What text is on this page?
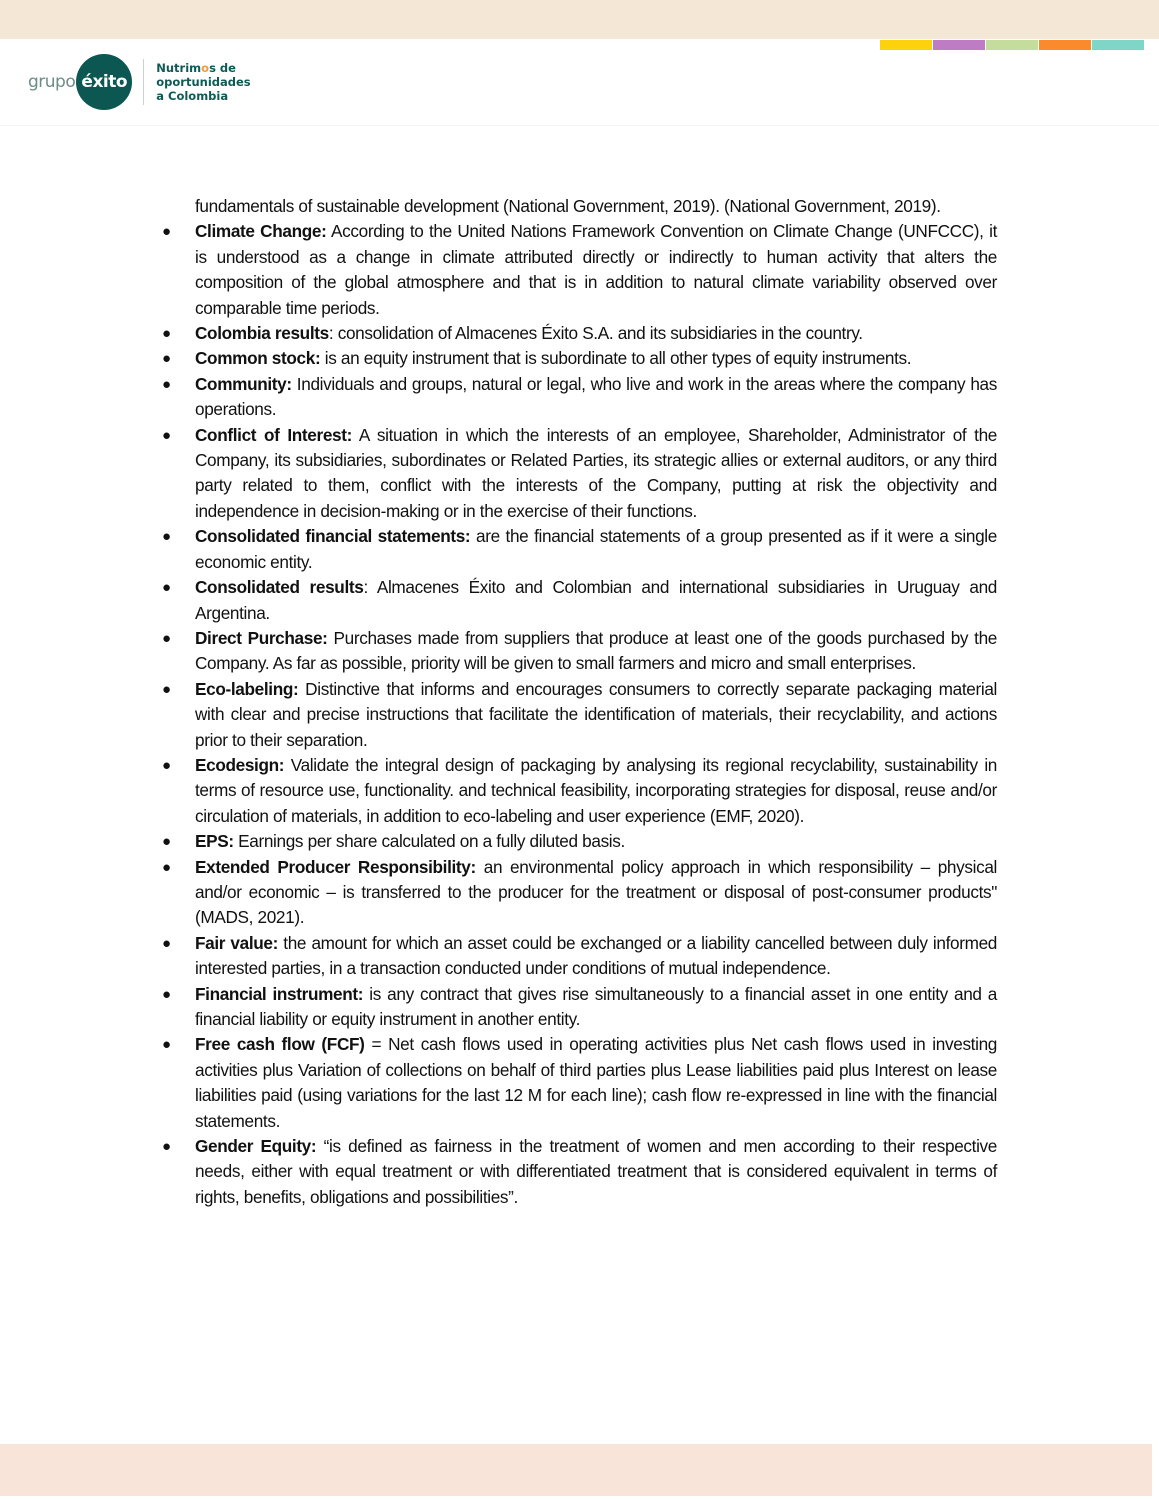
grupo éxito
Nutrimos de
oportunidades
a Colombia

fundamentals of sustainable development (National Government, 2019). (National Government, 2019).

● Climate Change: According to the United Nations Framework Convention on Climate Change (UNFCCC), it is understood as a change in climate attributed directly or indirectly to human activity that alters the composition of the global atmosphere and that is in addition to natural climate variability observed over comparable time periods.
● Colombia results: consolidation of Almacenes Éxito S.A. and its subsidiaries in the country.
● Common stock: is an equity instrument that is subordinate to all other types of equity instruments.
● Community: Individuals and groups, natural or legal, who live and work in the areas where the company has operations.
● Conflict of Interest: A situation in which the interests of an employee, Shareholder, Administrator of the Company, its subsidiaries, subordinates or Related Parties, its strategic allies or external auditors, or any third party related to them, conflict with the interests of the Company, putting at risk the objectivity and independence in decision-making or in the exercise of their functions.
● Consolidated financial statements: are the financial statements of a group presented as if it were a single economic entity.
● Consolidated results: Almacenes Éxito and Colombian and international subsidiaries in Uruguay and Argentina.
● Direct Purchase: Purchases made from suppliers that produce at least one of the goods purchased by the Company. As far as possible, priority will be given to small farmers and micro and small enterprises.
● Eco-labeling: Distinctive that informs and encourages consumers to correctly separate packaging material with clear and precise instructions that facilitate the identification of materials, their recyclability, and actions prior to their separation.
● Ecodesign: Validate the integral design of packaging by analysing its regional recyclability, sustainability in terms of resource use, functionality. and technical feasibility, incorporating strategies for disposal, reuse and/or circulation of materials, in addition to eco-labeling and user experience (EMF, 2020).
● EPS: Earnings per share calculated on a fully diluted basis.
● Extended Producer Responsibility: an environmental policy approach in which responsibility – physical and/or economic – is transferred to the producer for the treatment or disposal of post-consumer products" (MADS, 2021).
● Fair value: the amount for which an asset could be exchanged or a liability cancelled between duly informed interested parties, in a transaction conducted under conditions of mutual independence.
● Financial instrument: is any contract that gives rise simultaneously to a financial asset in one entity and a financial liability or equity instrument in another entity.
● Free cash flow (FCF) = Net cash flows used in operating activities plus Net cash flows used in investing activities plus Variation of collections on behalf of third parties plus Lease liabilities paid plus Interest on lease liabilities paid (using variations for the last 12 M for each line); cash flow re-expressed in line with the financial statements.
● Gender Equity: “is defined as fairness in the treatment of women and men according to their respective needs, either with equal treatment or with differentiated treatment that is considered equivalent in terms of rights, benefits, obligations and possibilities”.
